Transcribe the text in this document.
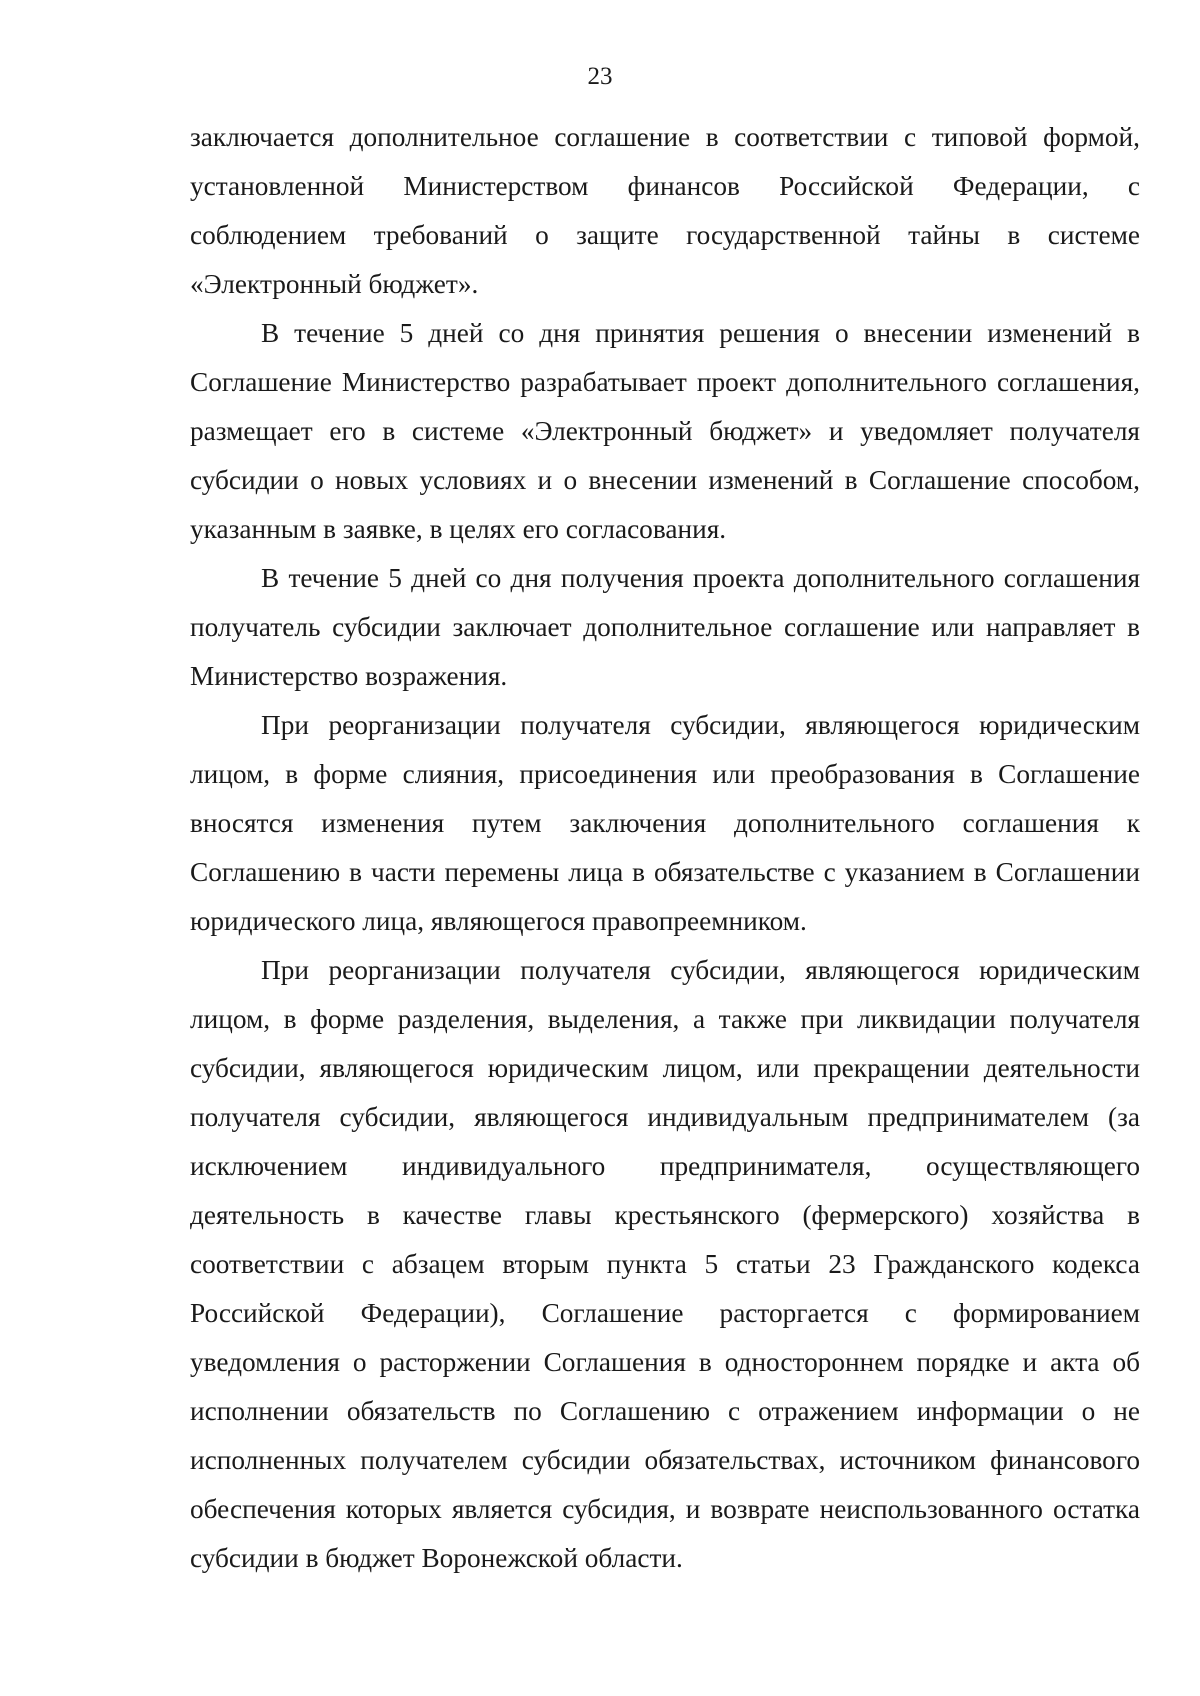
23

заключается дополнительное соглашение в соответствии с типовой формой, установленной Министерством финансов Российской Федерации, с соблюдением требований о защите государственной тайны в системе «Электронный бюджет».

В течение 5 дней со дня принятия решения о внесении изменений в Соглашение Министерство разрабатывает проект дополнительного соглашения, размещает его в системе «Электронный бюджет» и уведомляет получателя субсидии о новых условиях и о внесении изменений в Соглашение способом, указанным в заявке, в целях его согласования.

В течение 5 дней со дня получения проекта дополнительного соглашения получатель субсидии заключает дополнительное соглашение или направляет в Министерство возражения.

При реорганизации получателя субсидии, являющегося юридическим лицом, в форме слияния, присоединения или преобразования в Соглашение вносятся изменения путем заключения дополнительного соглашения к Соглашению в части перемены лица в обязательстве с указанием в Соглашении юридического лица, являющегося правопреемником.

При реорганизации получателя субсидии, являющегося юридическим лицом, в форме разделения, выделения, а также при ликвидации получателя субсидии, являющегося юридическим лицом, или прекращении деятельности получателя субсидии, являющегося индивидуальным предпринимателем (за исключением индивидуального предпринимателя, осуществляющего деятельность в качестве главы крестьянского (фермерского) хозяйства в соответствии с абзацем вторым пункта 5 статьи 23 Гражданского кодекса Российской Федерации), Соглашение расторгается с формированием уведомления о расторжении Соглашения в одностороннем порядке и акта об исполнении обязательств по Соглашению с отражением информации о не исполненных получателем субсидии обязательствах, источником финансового обеспечения которых является субсидия, и возврате неиспользованного остатка субсидии в бюджет Воронежской области.
